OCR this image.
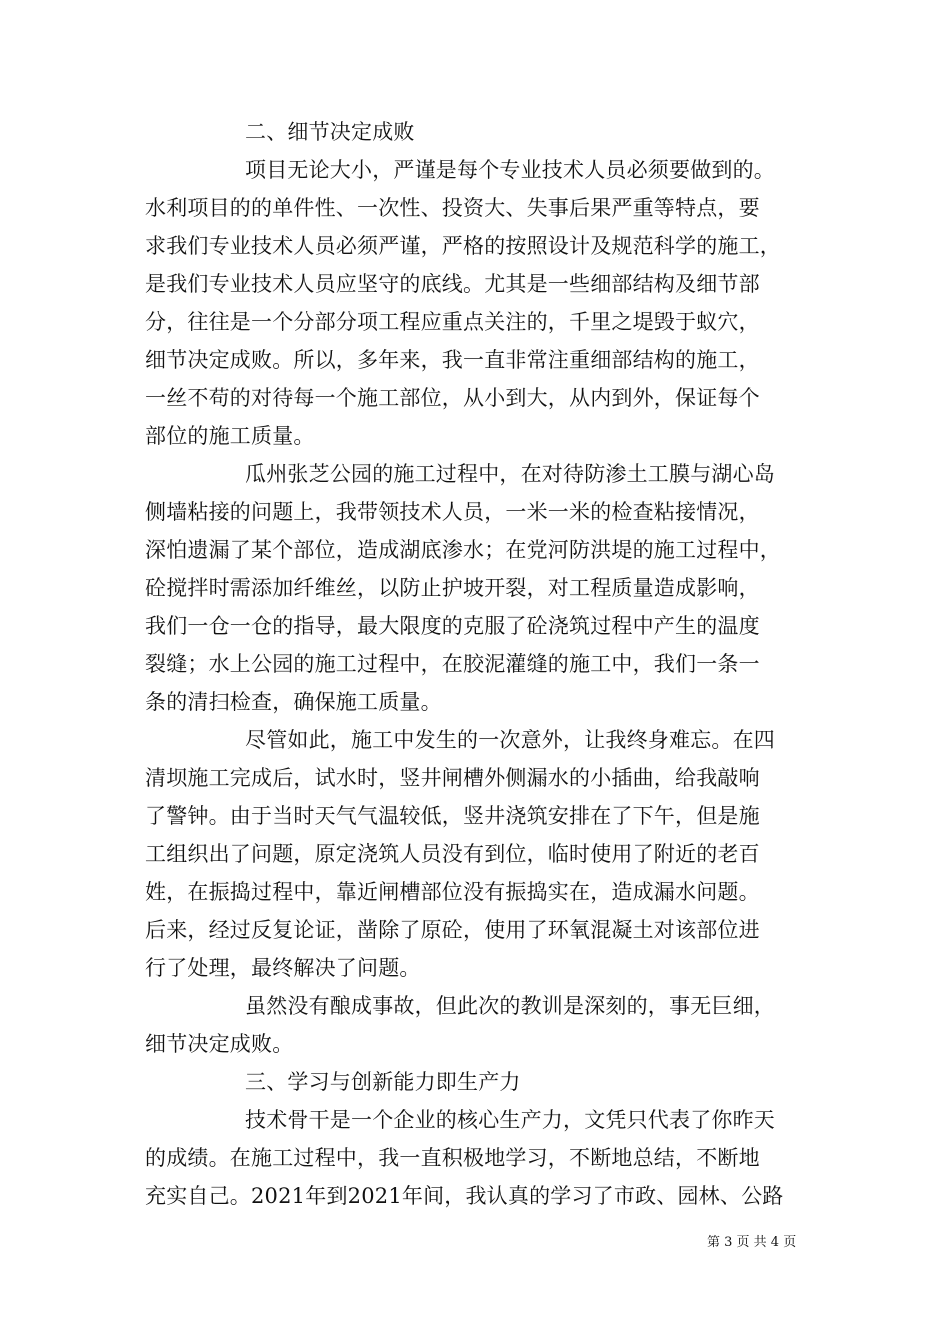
二、细节决定成败
项目无论大小，严谨是每个专业技术人员必须要做到的。
水利项目的的单件性、一次性、投资大、失事后果严重等特点，要
求我们专业技术人员必须严谨，严格的按照设计及规范科学的施工，
是我们专业技术人员应坚守的底线。尤其是一些细部结构及细节部
分，往往是一个分部分项工程应重点关注的，千里之堤毁于蚁穴，
细节决定成败。所以，多年来，我一直非常注重细部结构的施工，
一丝不苟的对待每一个施工部位，从小到大，从内到外，保证每个
部位的施工质量。
瓜州张芝公园的施工过程中，在对待防渗土工膜与湖心岛
侧墙粘接的问题上，我带领技术人员，一米一米的检查粘接情况，
深怕遗漏了某个部位，造成湖底渗水；在党河防洪堤的施工过程中，
砼搅拌时需添加纤维丝，以防止护坡开裂，对工程质量造成影响，
我们一仓一仓的指导，最大限度的克服了砼浇筑过程中产生的温度
裂缝；水上公园的施工过程中，在胶泥灌缝的施工中，我们一条一
条的清扫检查，确保施工质量。
尽管如此，施工中发生的一次意外，让我终身难忘。在四
清坝施工完成后，试水时，竖井闸槽外侧漏水的小插曲，给我敲响
了警钟。由于当时天气气温较低，竖井浇筑安排在了下午，但是施
工组织出了问题，原定浇筑人员没有到位，临时使用了附近的老百
姓，在振捣过程中，靠近闸槽部位没有振捣实在，造成漏水问题。
后来，经过反复论证，凿除了原砼，使用了环氧混凝土对该部位进
行了处理，最终解决了问题。
虽然没有酿成事故，但此次的教训是深刻的，事无巨细，
细节决定成败。
三、学习与创新能力即生产力
技术骨干是一个企业的核心生产力，文凭只代表了你昨天
的成绩。在施工过程中，我一直积极地学习，不断地总结，不断地
充实自己。2021年到2021年间，我认真的学习了市政、园林、公路
第 3 页 共 4 页
